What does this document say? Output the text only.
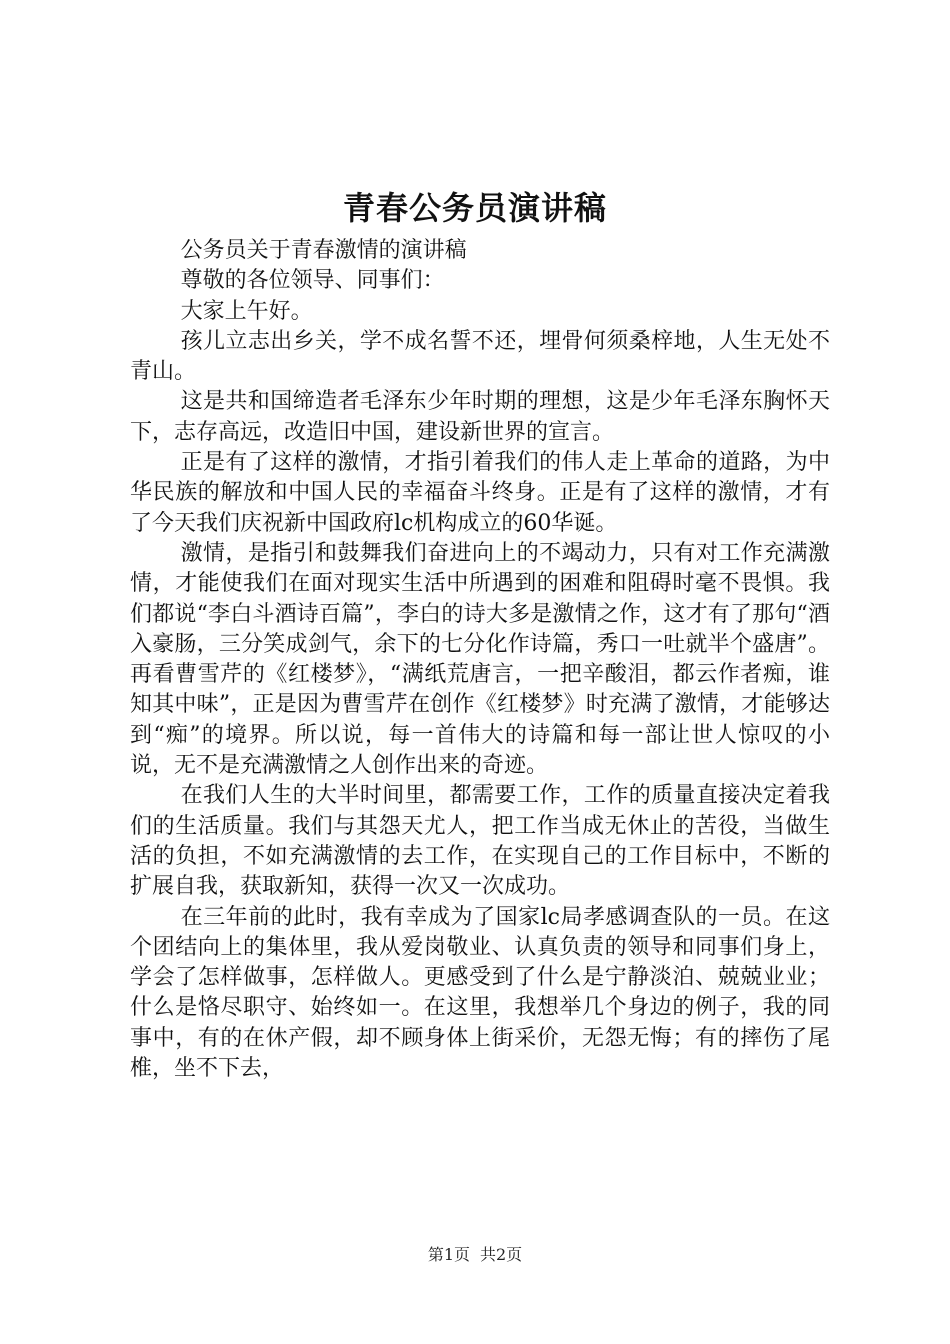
青春公务员演讲稿

公务员关于青春激情的演讲稿

尊敬的各位领导、同事们：

大家上午好。

孩儿立志出乡关，学不成名誓不还，埋骨何须桑梓地，人生无处不青山。

这是共和国缔造者毛泽东少年时期的理想，这是少年毛泽东胸怀天下，志存高远，改造旧中国，建设新世界的宣言。

正是有了这样的激情，才指引着我们的伟人走上革命的道路，为中华民族的解放和中国人民的幸福奋斗终身。正是有了这样的激情，才有了今天我们庆祝新中国政府lc机构成立的60华诞。

激情，是指引和鼓舞我们奋进向上的不竭动力，只有对工作充满激情，才能使我们在面对现实生活中所遇到的困难和阻碍时毫不畏惧。我们都说“李白斗酒诗百篇”，李白的诗大多是激情之作，这才有了那句“酒入豪肠，三分笑成剑气，余下的七分化作诗篇，秀口一吐就半个盛唐”。再看曹雪芹的《红楼梦》，“满纸荒唐言，一把辛酸泪，都云作者痴，谁知其中味”，正是因为曹雪芹在创作《红楼梦》时充满了激情，才能够达到“痴”的境界。所以说，每一首伟大的诗篇和每一部让世人惊叹的小说，无不是充满激情之人创作出来的奇迹。

在我们人生的大半时间里，都需要工作，工作的质量直接决定着我们的生活质量。我们与其怨天尤人，把工作当成无休止的苦役，当做生活的负担，不如充满激情的去工作，在实现自己的工作目标中，不断的扩展自我，获取新知，获得一次又一次成功。

在三年前的此时，我有幸成为了国家lc局孝感调查队的一员。在这个团结向上的集体里，我从爱岗敬业、认真负责的领导和同事们身上，学会了怎样做事，怎样做人。更感受到了什么是宁静淡泊、兢兢业业；什么是恪尽职守、始终如一。在这里，我想举几个身边的例子，我的同事中，有的在休产假，却不顾身体上街采价，无怨无悔；有的摔伤了尾椎，坐不下去，

第1页 共2页
